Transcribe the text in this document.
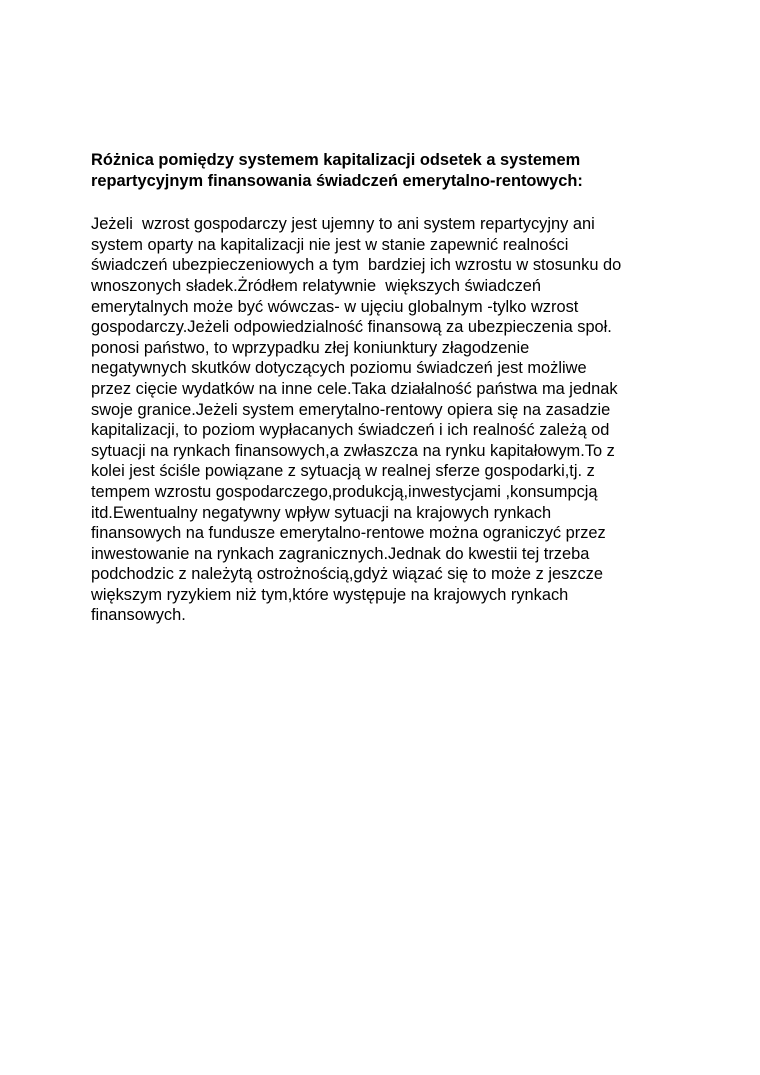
Różnica pomiędzy systemem kapitalizacji odsetek a systemem
repartycyjnym finansowania świadczeń emerytalno-rentowych:
Jeżeli  wzrost gospodarczy jest ujemny to ani system repartycyjny ani
system oparty na kapitalizacji nie jest w stanie zapewnić realności
świadczeń ubezpieczeniowych a tym  bardziej ich wzrostu w stosunku do
wnoszonych sładek.Żródłem relatywnie  większych świadczeń
emerytalnych może być wówczas- w ujęciu globalnym -tylko wzrost
gospodarczy.Jeżeli odpowiedzialność finansową za ubezpieczenia społ.
ponosi państwo, to wprzypadku złej koniunktury złagodzenie
negatywnych skutków dotyczących poziomu świadczeń jest możliwe
przez cięcie wydatków na inne cele.Taka działalność państwa ma jednak
swoje granice.Jeżeli system emerytalno-rentowy opiera się na zasadzie
kapitalizacji, to poziom wypłacanych świadczeń i ich realność zależą od
sytuacji na rynkach finansowych,a zwłaszcza na rynku kapitałowym.To z
kolei jest ściśle powiązane z sytuacją w realnej sferze gospodarki,tj. z
tempem wzrostu gospodarczego,produkcją,inwestycjami ,konsumpcją
itd.Ewentualny negatywny wpływ sytuacji na krajowych rynkach
finansowych na fundusze emerytalno-rentowe można ograniczyć przez
inwestowanie na rynkach zagranicznych.Jednak do kwestii tej trzeba
podchodzic z należytą ostrożnością,gdyż wiązać się to może z jeszcze
większym ryzykiem niż tym,które występuje na krajowych rynkach
finansowych.
